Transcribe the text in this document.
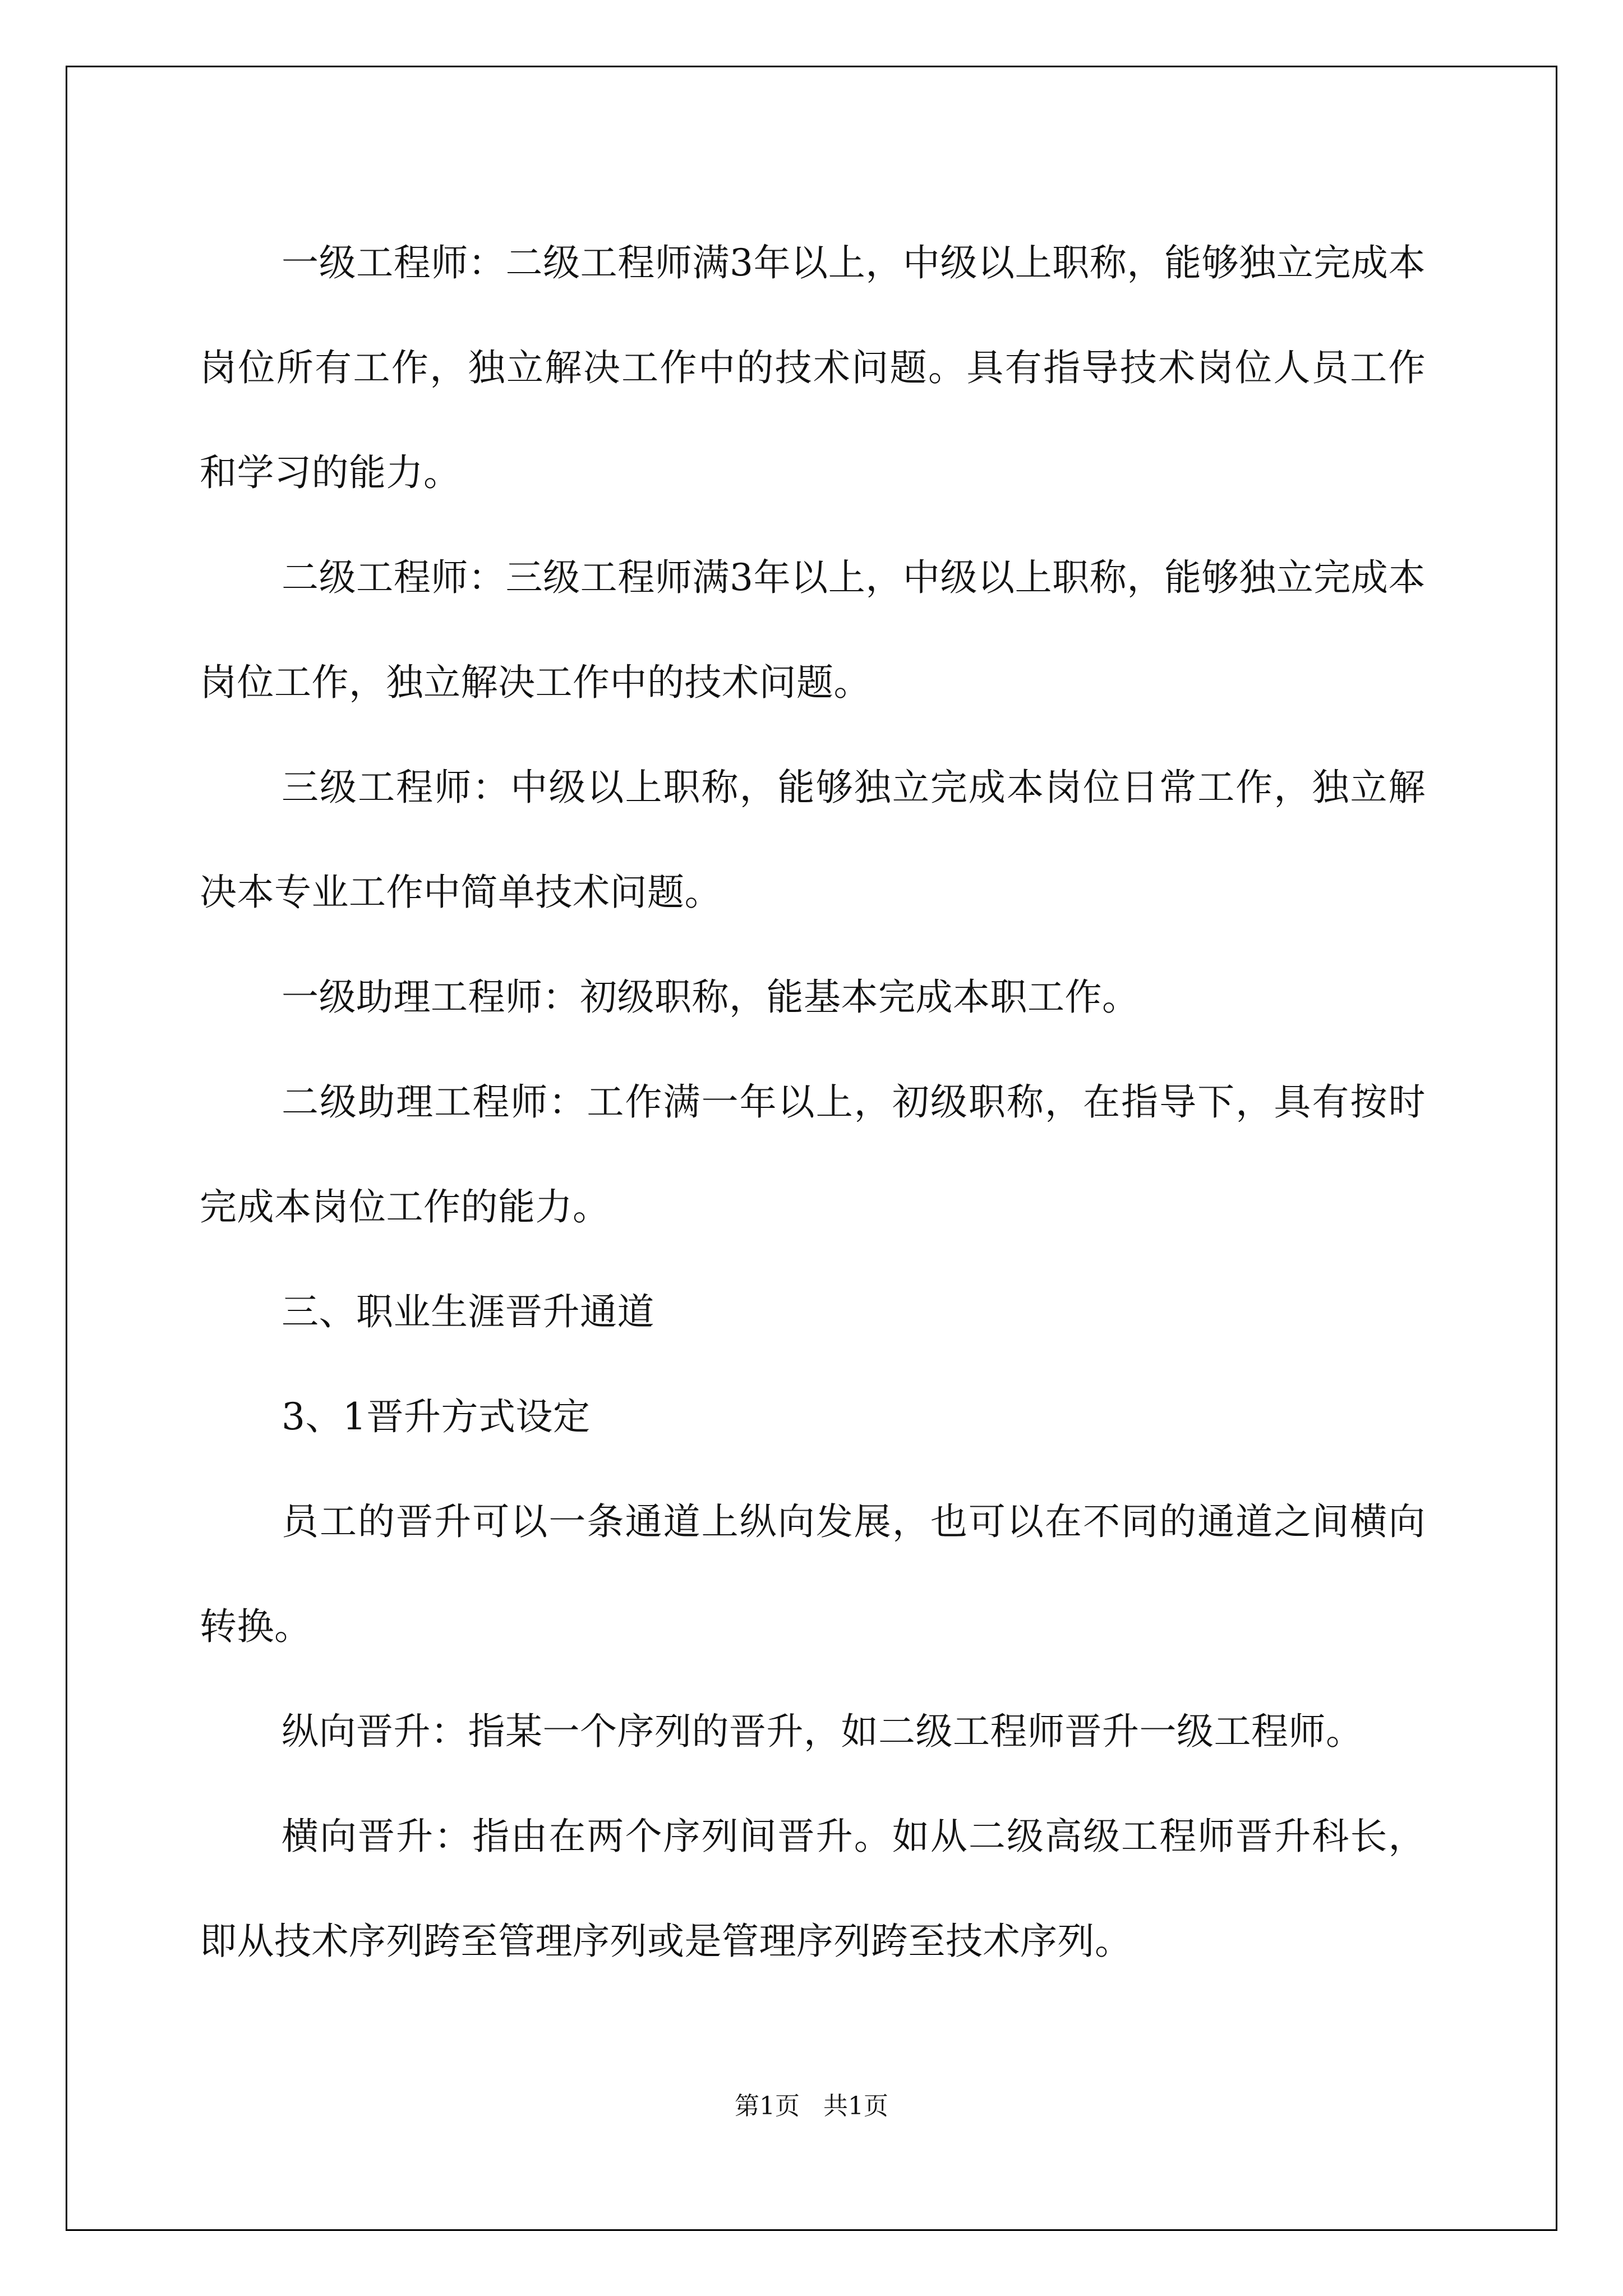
一级工程师：二级工程师满3年以上，中级以上职称，能够独立完成本岗位所有工作，独立解决工作中的技术问题。具有指导技术岗位人员工作和学习的能力。

二级工程师：三级工程师满3年以上，中级以上职称，能够独立完成本岗位工作，独立解决工作中的技术问题。

三级工程师：中级以上职称，能够独立完成本岗位日常工作，独立解决本专业工作中简单技术问题。

一级助理工程师：初级职称，能基本完成本职工作。

二级助理工程师：工作满一年以上，初级职称，在指导下，具有按时完成本岗位工作的能力。

三、职业生涯晋升通道

3、1晋升方式设定

员工的晋升可以一条通道上纵向发展，也可以在不同的通道之间横向转换。

纵向晋升：指某一个序列的晋升，如二级工程师晋升一级工程师。

横向晋升：指由在两个序列间晋升。如从二级高级工程师晋升科长，即从技术序列跨至管理序列或是管理序列跨至技术序列。

第1页   共1页
